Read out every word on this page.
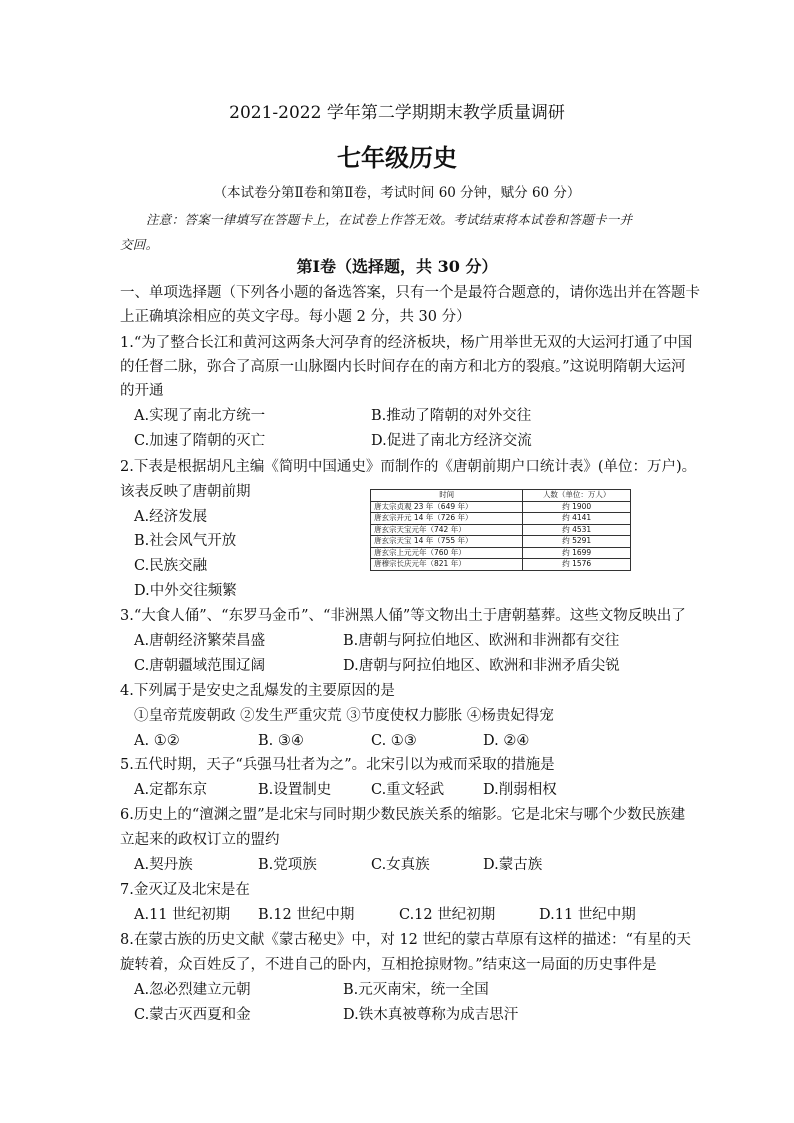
2021-2022 学年第二学期期末教学质量调研
七年级历史
（本试卷分第Ⅱ卷和第Ⅱ卷，考试时间 60 分钟，赋分 60 分）
注意：答案一律填写在答题卡上，在试卷上作答无效。考试结束将本试卷和答题卡一并
交回。
第Ⅰ卷（选择题，共 30 分）
一、单项选择题（下列各小题的备选答案，只有一个是最符合题意的，请你选出并在答题卡
上正确填涂相应的英文字母。每小题 2 分，共 30 分）
1.“为了整合长江和黄河这两条大河孕育的经济板块，杨广用举世无双的大运河打通了中国
的任督二脉，弥合了高原一山脉圈内长时间存在的南方和北方的裂痕。”这说明隋朝大运河
的开通
A.实现了南北方统一	B.推动了隋朝的对外交往
C.加速了隋朝的灭亡	D.促进了南北方经济交流
2.下表是根据胡凡主编《简明中国通史》而制作的《唐朝前期户口统计表》(单位：万户)。
该表反映了唐朝前期
A.经济发展
B.社会风气开放
C.民族交融
D.中外交往频繁
时间	人数（单位：万人）
唐太宗贞观 23 年（649 年）	约 1900
唐玄宗开元 14 年（726 年）	约 4141
唐玄宗天宝元年（742 年）	约 4531
唐玄宗天宝 14 年（755 年）	约 5291
唐玄宗上元元年（760 年）	约 1699
唐穆宗长庆元年（821 年）	约 1576
3.“大食人俑”、“东罗马金币”、“非洲黑人俑”等文物出土于唐朝墓葬。这些文物反映出了
A.唐朝经济繁荣昌盛	B.唐朝与阿拉伯地区、欧洲和非洲都有交往
C.唐朝疆域范围辽阔	D.唐朝与阿拉伯地区、欧洲和非洲矛盾尖锐
4.下列属于是安史之乱爆发的主要原因的是
①皇帝荒废朝政 ②发生严重灾荒 ③节度使权力膨胀 ④杨贵妃得宠
A. ①②	B. ③④	C. ①③	D. ②④
5.五代时期，天子“兵强马壮者为之”。北宋引以为戒而采取的措施是
A.定都东京	B.设置制史	C.重文轻武	D.削弱相权
6.历史上的“澶渊之盟”是北宋与同时期少数民族关系的缩影。它是北宋与哪个少数民族建
立起来的政权订立的盟约
A.契丹族	B.党项族	C.女真族	D.蒙古族
7.金灭辽及北宋是在
A.11 世纪初期 B.12 世纪中期	C.12 世纪初期	D.11 世纪中期
8.在蒙古族的历史文献《蒙古秘史》中，对 12 世纪的蒙古草原有这样的描述：“有星的天
旋转着，众百姓反了，不进自己的卧内，互相抢掠财物。”结束这一局面的历史事件是
A.忽必烈建立元朝	B.元灭南宋，统一全国
C.蒙古灭西夏和金	D.铁木真被尊称为成吉思汗
